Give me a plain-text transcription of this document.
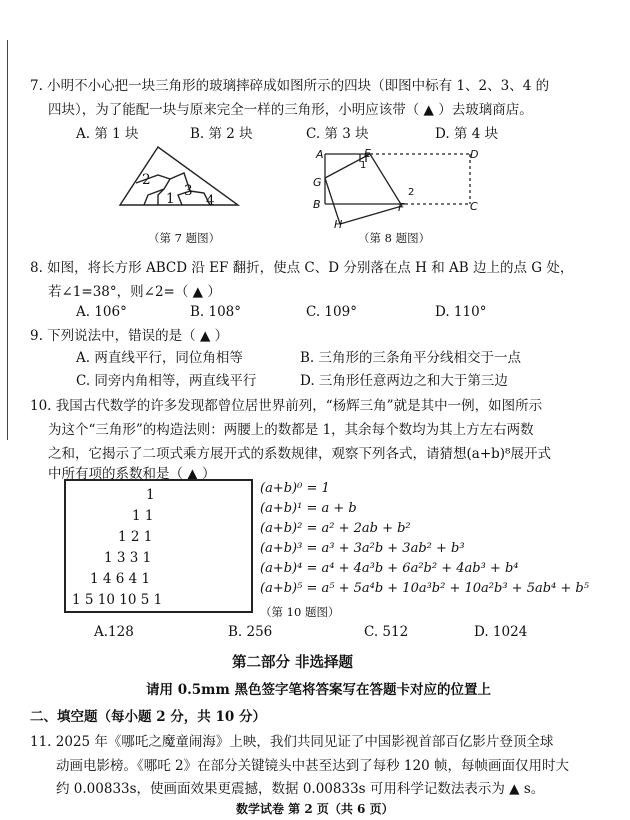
7. 小明不小心把一块三角形的玻璃摔碎成如图所示的四块（即图中标有 1、2、3、4 的
四块），为了能配一块与原来完全一样的三角形，小明应该带（ ▲ ）去玻璃商店。
A. 第 1 块	B. 第 2 块	C. 第 3 块	D. 第 4 块
2
3
1 4
（第 7 题图）
A	E	D
G
B	F	C
H
1
2
（第 8 题图）
8. 如图，将长方形 ABCD 沿 EF 翻折，使点 C、D 分别落在点 H 和 AB 边上的点 G 处，
若∠1=38°，则∠2=（ ▲ ）
A. 106°	B. 108°	C. 109°	D. 110°
9. 下列说法中，错误的是（ ▲ ）
A. 两直线平行，同位角相等	B. 三角形的三条角平分线相交于一点
C. 同旁内角相等，两直线平行	D. 三角形任意两边之和大于第三边
10. 我国古代数学的许多发现都曾位居世界前列，“杨辉三角”就是其中一例，如图所示
为这个“三角形”的构造法则：两腰上的数都是 1，其余每个数均为其上方左右两数
之和，它揭示了二项式乘方展开式的系数规律，观察下列各式，请猜想(a+b)⁸展开式
中所有项的系数和是（ ▲ ）
1
1 1
1 2 1
1 3 3 1
1 4 6 4 1
1 5 10 10 5 1
(a+b)⁰ = 1
(a+b)¹ = a + b
(a+b)² = a² + 2ab + b²
(a+b)³ = a³ + 3a²b + 3ab² + b³
(a+b)⁴ = a⁴ + 4a³b + 6a²b² + 4ab³ + b⁴
(a+b)⁵ = a⁵ + 5a⁴b + 10a³b² + 10a²b³ + 5ab⁴ + b⁵
（第 10 题图）
A.128	B. 256	C. 512	D. 1024
第二部分 非选择题
请用 0.5mm 黑色签字笔将答案写在答题卡对应的位置上
二、填空题（每小题 2 分，共 10 分）
11. 2025 年《哪吒之魔童闹海》上映，我们共同见证了中国影视首部百亿影片登顶全球
动画电影榜。《哪吒 2》在部分关键镜头中甚至达到了每秒 120 帧，每帧画面仅用时大
约 0.00833s，使画面效果更震撼，数据 0.00833s 可用科学记数法表示为 ▲ s。
数学试卷 第 2 页（共 6 页）
